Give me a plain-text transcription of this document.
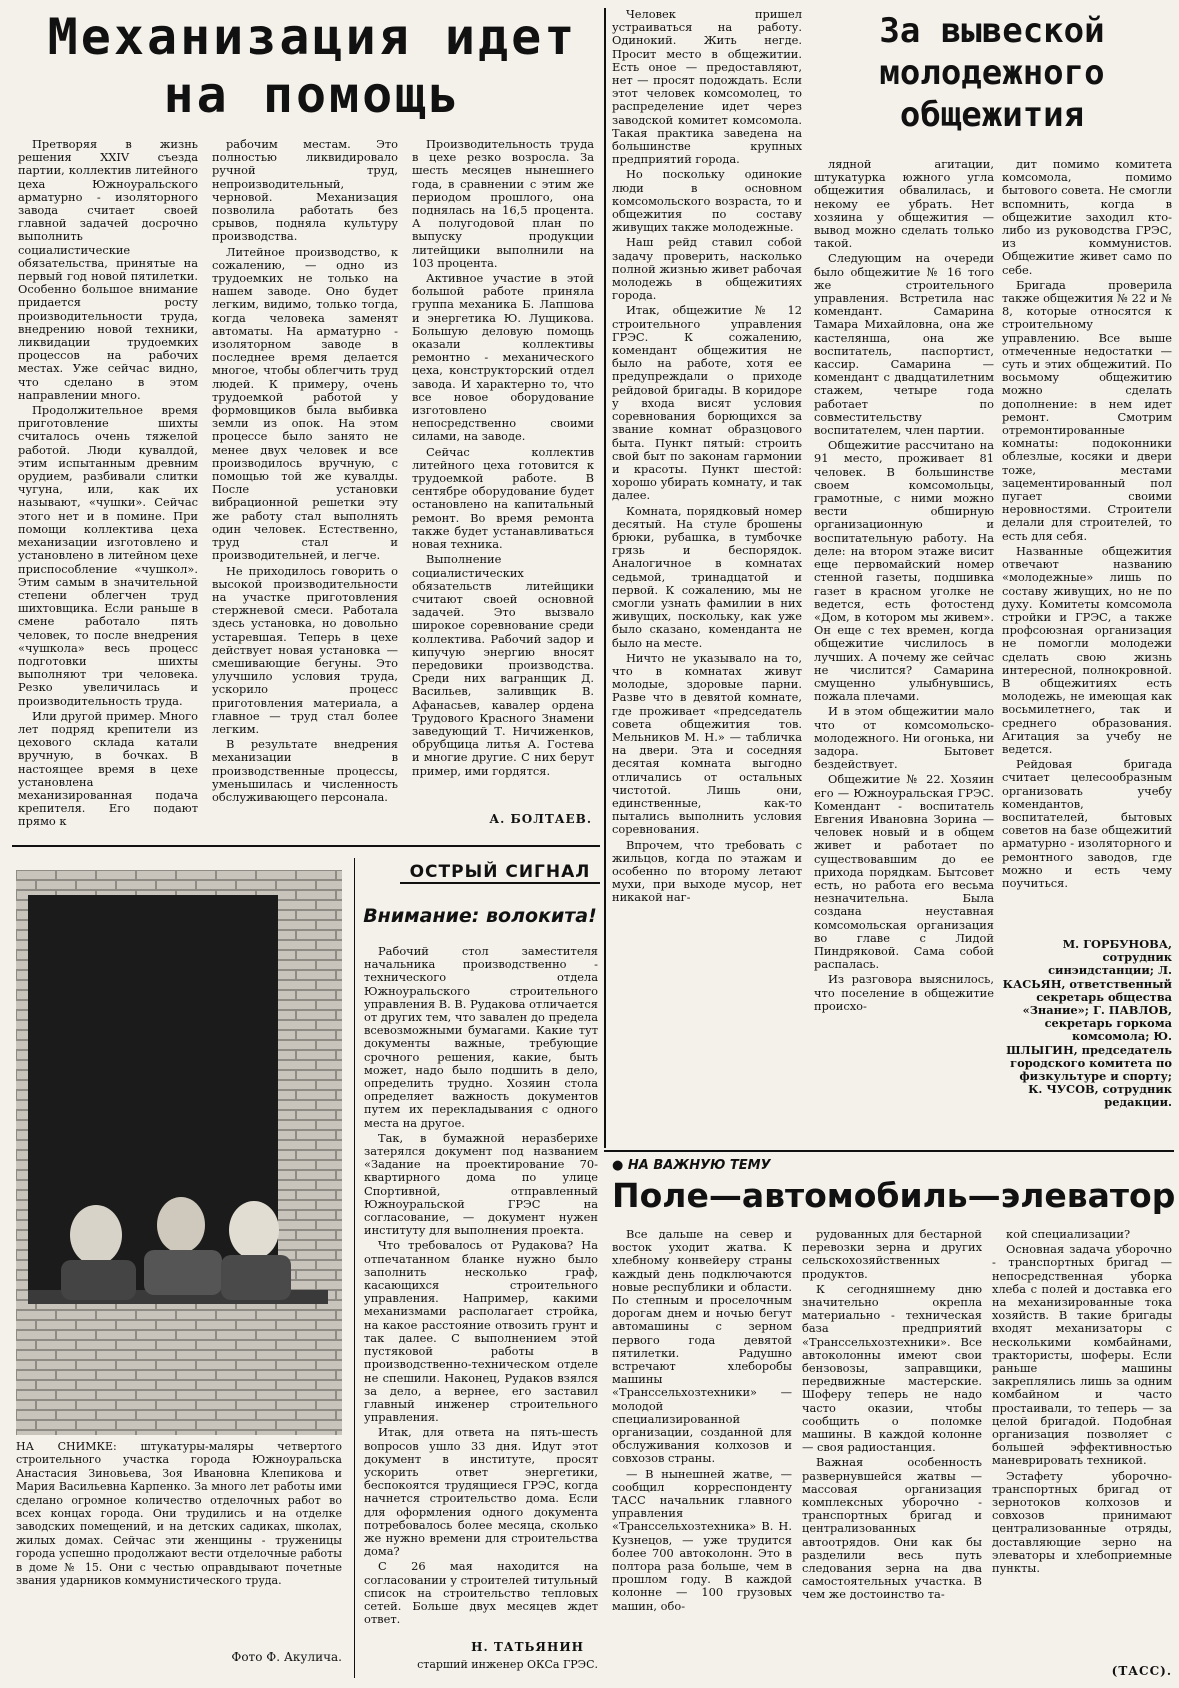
Механизация идет на помощь

Претворяя в жизнь решения XXIV съезда партии, коллектив литейного цеха Южноуральского арматурно - изоляторного завода считает своей главной задачей досрочно выполнить социалистические обязательства, принятые на первый год новой пятилетки. Особенно большое внимание придается росту производительности труда, внедрению новой техники, ликвидации трудоемких процессов на рабочих местах. Уже сейчас видно, что сделано в этом направлении много.

Продолжительное время приготовление шихты считалось очень тяжелой работой. Люди кувалдой, этим испытанным древним орудием, разбивали слитки чугуна, или, как их называют, «чушки». Сейчас этого нет и в помине. При помощи коллектива цеха механизации изготовлено и установлено в литейном цехе приспособление «чушкол». Этим самым в значительной степени облегчен труд шихтовщика. Если раньше в смене работало пять человек, то после внедрения «чушкола» весь процесс подготовки шихты выполняют три человека. Резко увеличилась и производительность труда.

Или другой пример. Много лет подряд крепители из цехового склада катали вручную, в бочках. В настоящее время в цехе установлена механизированная подача крепителя. Его подают прямо к

рабочим местам. Это полностью ликвидировало ручной труд, непроизводительный, черновой. Механизация позволила работать без срывов, подняла культуру производства.

Литейное производство, к сожалению, — одно из трудоемких не только на нашем заводе. Оно будет легким, видимо, только тогда, когда человека заменят автоматы. На арматурно - изоляторном заводе в последнее время делается многое, чтобы облегчить труд людей. К примеру, очень трудоемкой работой у формовщиков была выбивка земли из опок. На этом процессе было занято не менее двух человек и все производилось вручную, с помощью той же кувалды. После установки вибрационной решетки эту же работу стал выполнять один человек. Естественно, труд стал и производительней, и легче.

Не приходилось говорить о высокой производительности на участке приготовления стержневой смеси. Работала здесь установка, но довольно устаревшая. Теперь в цехе действует новая установка — смешивающие бегуны. Это улучшило условия труда, ускорило процесс приготовления материала, а главное — труд стал более легким.

В результате внедрения механизации в производственные процессы, уменьшилась и численность обслуживающего персонала.

Производительность труда в цехе резко возросла. За шесть месяцев нынешнего года, в сравнении с этим же периодом прошлого, она поднялась на 16,5 процента. А полугодовой план по выпуску продукции литейщики выполнили на 103 процента.

Активное участие в этой большой работе приняла группа механика Б. Лапшова и энергетика Ю. Лущикова. Большую деловую помощь оказали коллективы ремонтно - механического цеха, конструкторский отдел завода. И характерно то, что все новое оборудование изготовлено непосредственно своими силами, на заводе.

Сейчас коллектив литейного цеха готовится к трудоемкой работе. В сентябре оборудование будет остановлено на капитальный ремонт. Во время ремонта также будет устанавливаться новая техника.

Выполнение социалистических обязательств литейщики считают своей основной задачей. Это вызвало широкое соревнование среди коллектива. Рабочий задор и кипучую энергию вносят передовики производства. Среди них вагранщик Д. Васильев, заливщик В. Афанасьев, кавалер ордена Трудового Красного Знамени заведующий Т. Ничиженков, обрубщица литья А. Гостева и многие другие. С них берут пример, ими гордятся.

А. БОЛТАЕВ.

НА СНИМКЕ: штукатуры-маляры четвертого строительного участка города Южноуральска Анастасия Зиновьева, Зоя Ивановна Клепикова и Мария Васильевна Карпенко. За много лет работы ими сделано огромное количество отделочных работ во всех концах города. Они трудились и на отделке заводских помещений, и на детских садиках, школах, жилых домах. Сейчас эти женщины - труженицы города успешно продолжают вести отделочные работы в доме № 15. Они с честью оправдывают почетные звания ударников коммунистического труда.

Фото Ф. Акулича.
ОСТРЫЙ СИГНАЛ
Внимание: волокита!

Рабочий стол заместителя начальника производственно - технического отдела Южноуральского строительного управления В. В. Рудакова отличается от других тем, что завален до предела всевозможными бумагами. Какие тут документы важные, требующие срочного решения, какие, быть может, надо было подшить в дело, определить трудно. Хозяин стола определяет важность документов путем их перекладывания с одного места на другое.

Так, в бумажной неразберихе затерялся документ под названием «Задание на проектирование 70-квартирного дома по улице Спортивной, отправленный Южноуральской ГРЭС на согласование, — документ нужен институту для выполнения проекта.

Что требовалось от Рудакова? На отпечатанном бланке нужно было заполнить несколько граф, касающихся строительного управления. Например, какими механизмами располагает стройка, на какое расстояние отвозить грунт и так далее. С выполнением этой пустяковой работы в производственно-техническом отделе не спешили. Наконец, Рудаков взялся за дело, а вернее, его заставил главный инженер строительного управления.

Итак, для ответа на пять-шесть вопросов ушло 33 дня. Идут этот документ в институте, просят ускорить ответ энергетики, беспокоятся трудящиеся ГРЭС, когда начнется строительство дома. Если для оформления одного документа потребовалось более месяца, сколько же нужно времени для строительства дома?

С 26 мая находится на согласовании у строителей титульный список на строительство тепловых сетей. Больше двух месяцев ждет ответ.

Н. ТАТЬЯНИН
старший инженер ОКСа ГРЭС.

Человек пришел устраиваться на работу. Одинокий. Жить негде. Просит место в общежитии. Есть оное — предоставляют, нет — просят подождать. Если этот человек комсомолец, то распределение идет через заводской комитет комсомола. Такая практика заведена на большинстве крупных предприятий города.

Но поскольку одинокие люди в основном комсомольского возраста, то и общежития по составу живущих также молодежные.

Наш рейд ставил собой задачу проверить, насколько полной жизнью живет рабочая молодежь в общежитиях города.

Итак, общежитие № 12 строительного управления ГРЭС. К сожалению, комендант общежития не было на работе, хотя ее предупреждали о приходе рейдовой бригады. В коридоре у входа висят условия соревнования борющихся за звание комнат образцового быта. Пункт пятый: строить свой быт по законам гармонии и красоты. Пункт шестой: хорошо убирать комнату, и так далее.

Комната, порядковый номер десятый. На стуле брошены брюки, рубашка, в тумбочке грязь и беспорядок. Аналогичное в комнатах седьмой, тринадцатой и первой. К сожалению, мы не смогли узнать фамилии в них живущих, поскольку, как уже было сказано, коменданта не было на месте.

Ничто не указывало на то, что в комнатах живут молодые, здоровые парни. Разве что в девятой комнате, где проживает «председатель совета общежития тов. Мельников М. Н.» — табличка на двери. Эта и соседняя десятая комната выгодно отличались от остальных чистотой. Лишь они, единственные, как-то пытались выполнить условия соревнования.

Впрочем, что требовать с жильцов, когда по этажам и особенно по второму летают мухи, при выходе мусор, нет никакой наг-

За вывеской молодежного общежития

лядной агитации, штукатурка южного угла общежития обвалилась, и некому ее убрать. Нет хозяина у общежития — вывод можно сделать только такой.

Следующим на очереди было общежитие № 16 того же строительного управления. Встретила нас комендант. Самарина Тамара Михайловна, она же кастелянша, она же воспитатель, паспортист, кассир. Самарина — комендант с двадцатилетним стажем, четыре года работает по совместительству воспитателем, член партии.

Общежитие рассчитано на 91 место, проживает 81 человек. В большинстве своем комсомольцы, грамотные, с ними можно вести обширную организационную и воспитательную работу. На деле: на втором этаже висит еще первомайский номер стенной газеты, подшивка газет в красном уголке не ведется, есть фотостенд «Дом, в котором мы живем». Он еще с тех времен, когда общежитие числилось в лучших. А почему же сейчас не числится? Самарина смущенно улыбнувшись, пожала плечами.

И в этом общежитии мало что от комсомольско-молодежного. Ни огонька, ни задора. Бытовет бездействует.

Общежитие № 22. Хозяин его — Южноуральская ГРЭС. Комендант - воспитатель Евгения Ивановна Зорина — человек новый и в общем живет и работает по существовавшим до ее прихода порядкам. Бытсовет есть, но работа его весьма незначительна. Была создана неуставная комсомольская организация во главе с Лидой Пиндряковой. Сама собой распалась.

Из разговора выяснилось, что поселение в общежитие происхо-

дит помимо комитета комсомола, помимо бытового совета. Не смогли вспомнить, когда в общежитие заходил кто-либо из руководства ГРЭС, из коммунистов. Общежитие живет само по себе.

Бригада проверила также общежития № 22 и № 8, которые относятся к строительному управлению. Все выше отмеченные недостатки — суть и этих общежитий. По восьмому общежитию можно сделать дополнение: в нем идет ремонт. Смотрим отремонтированные комнаты: подоконники облезлые, косяки и двери тоже, местами зацементированный пол пугает своими неровностями. Строители делали для строителей, то есть для себя.

Названные общежития отвечают названию «молодежные» лишь по составу живущих, но не по духу. Комитеты комсомола стройки и ГРЭС, а также профсоюзная организация не помогли молодежи сделать свою жизнь интересной, полнокровной. В общежитиях есть молодежь, не имеющая как восьмилетнего, так и среднего образования. Агитация за учебу не ведется.

Рейдовая бригада считает целесообразным организовать учебу комендантов, воспитателей, бытовых советов на базе общежитий арматурно - изоляторного и ремонтного заводов, где можно и есть чему поучиться.

М. ГОРБУНОВА, сотрудник синэидстанции; Л. КАСЬЯН, ответственный секретарь общества «Знание»; Г. ПАВЛОВ, секретарь горкома комсомола; Ю. ШЛЫГИН, председатель городского комитета по физкультуре и спорту; К. ЧУСОВ, сотрудник редакции.

● НА ВАЖНУЮ ТЕМУ
Поле—автомобиль—элеватор

Все дальше на север и восток уходит жатва. К хлебному конвейеру страны каждый день подключаются новые республики и области. По степным и проселочным дорогам днем и ночью бегут автомашины с зерном первого года девятой пятилетки. Радушно встречают хлеборобы машины «Транссельхозтехники» — молодой специализированной организации, созданной для обслуживания колхозов и совхозов страны.

— В нынешней жатве, — сообщил корреспонденту ТАСС начальник главного управления «Транссельхозтехника» В. Н. Кузнецов, — уже трудится более 700 автоколонн. Это в полтора раза больше, чем в прошлом году. В каждой колонне — 100 грузовых машин, обо-

рудованных для бестарной перевозки зерна и других сельскохозяйственных продуктов.

К сегодняшнему дню значительно окрепла материально - техническая база предприятий «Транссельхозтехники». Все автоколонны имеют свои бензовозы, заправщики, передвижные мастерские. Шоферу теперь не надо часто оказии, чтобы сообщить о поломке машины. В каждой колонне — своя радиостанция.

Важная особенность развернувшейся жатвы — массовая организация комплексных уборочно - транспортных бригад и централизованных автоотрядов. Они как бы разделили весь путь следования зерна на два самостоятельных участка. В чем же достоинство та-

кой специализации?

Основная задача уборочно - транспортных бригад — непосредственная уборка хлеба с полей и доставка его на механизированные тока хозяйств. В такие бригады входят механизаторы с несколькими комбайнами, трактористы, шоферы. Если раньше машины закреплялись лишь за одним комбайном и часто простаивали, то теперь — за целой бригадой. Подобная организация позволяет с большей эффективностью маневрировать техникой.

Эстафету уборочно-транспортных бригад от зернотоков колхозов и совхозов принимают централизованные отряды, доставляющие зерно на элеваторы и хлебоприемные пункты.

(ТАСС).
